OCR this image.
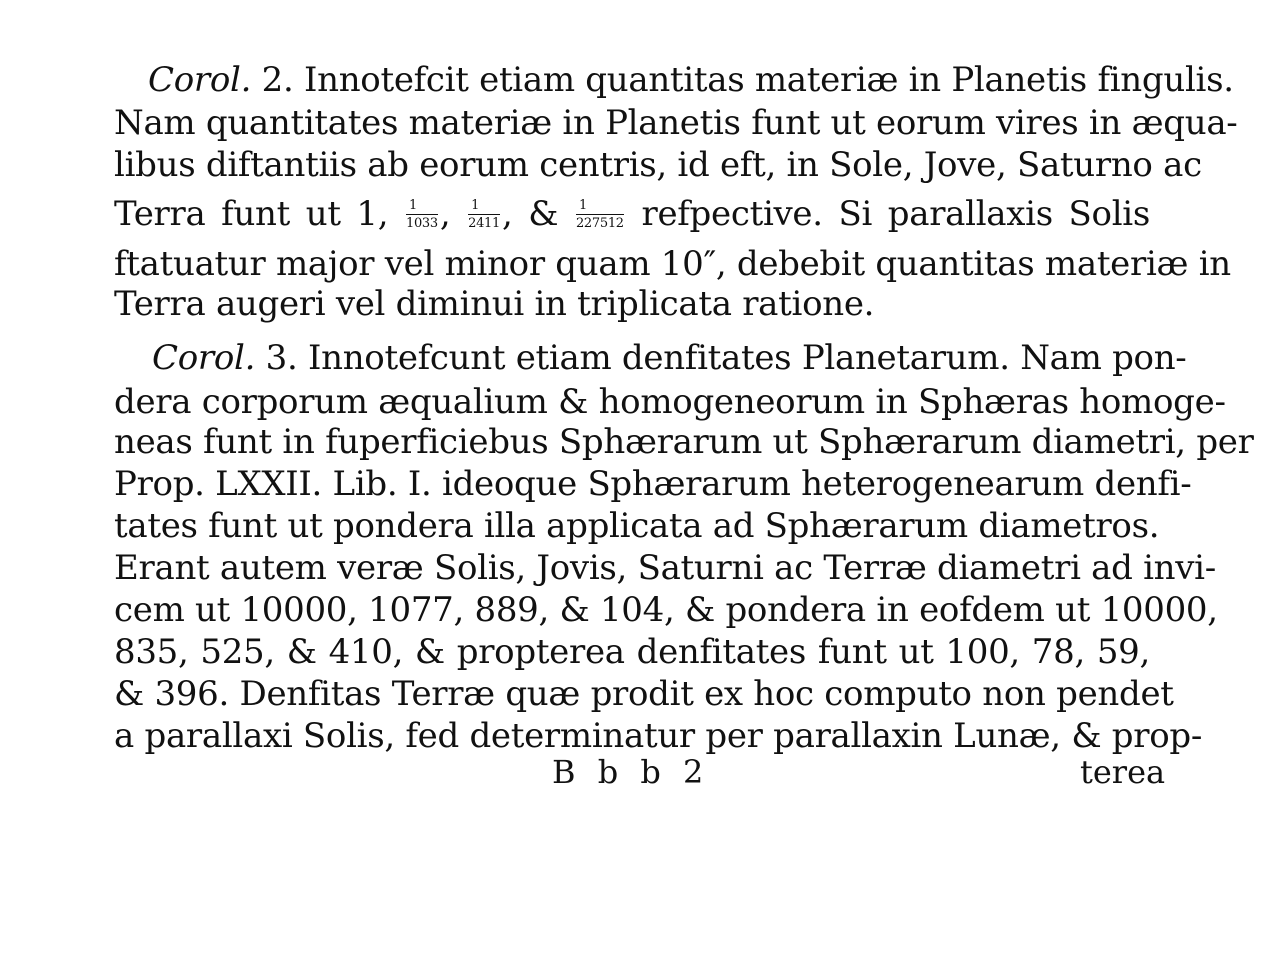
Corol. 2. Innotefcit etiam quantitas materiæ in Planetis fingulis.
Nam quantitates materiæ in Planetis funt ut eorum vires in æqua-
libus diftantiis ab eorum centris, id eft, in Sole, Jove, Saturno ac
Terra funt ut 1, $\frac{1}{1033}$ , $\frac{1}{2411}$ , & $\frac{1}{227512}$ refpective. Si parallaxis Solis
ftatuatur major vel minor quam 10″, debebit quantitas materiæ in
Terra augeri vel diminui in triplicata ratione.
Corol. 3. Innotefcunt etiam denfitates Planetarum. Nam pon-
dera corporum æqualium & homogeneorum in Sphæras homoge-
neas funt in fuperficiebus Sphærarum ut Sphærarum diametri, per
Prop. LXXII. Lib. I. ideoque Sphærarum heterogenearum denfi-
tates funt ut pondera illa applicata ad Sphærarum diametros.
Erant autem veræ Solis, Jovis, Saturni ac Terræ diametri ad invi-
cem ut 10000, 1077, 889, & 104, & pondera in eofdem ut 10000,
835, 525, & 410, & propterea denfitates funt ut 100, 78, 59,
& 396. Denfitas Terræ quæ prodit ex hoc computo non pendet
a parallaxi Solis, fed determinatur per parallaxin Lunæ, & prop-
B b b 2	terea
